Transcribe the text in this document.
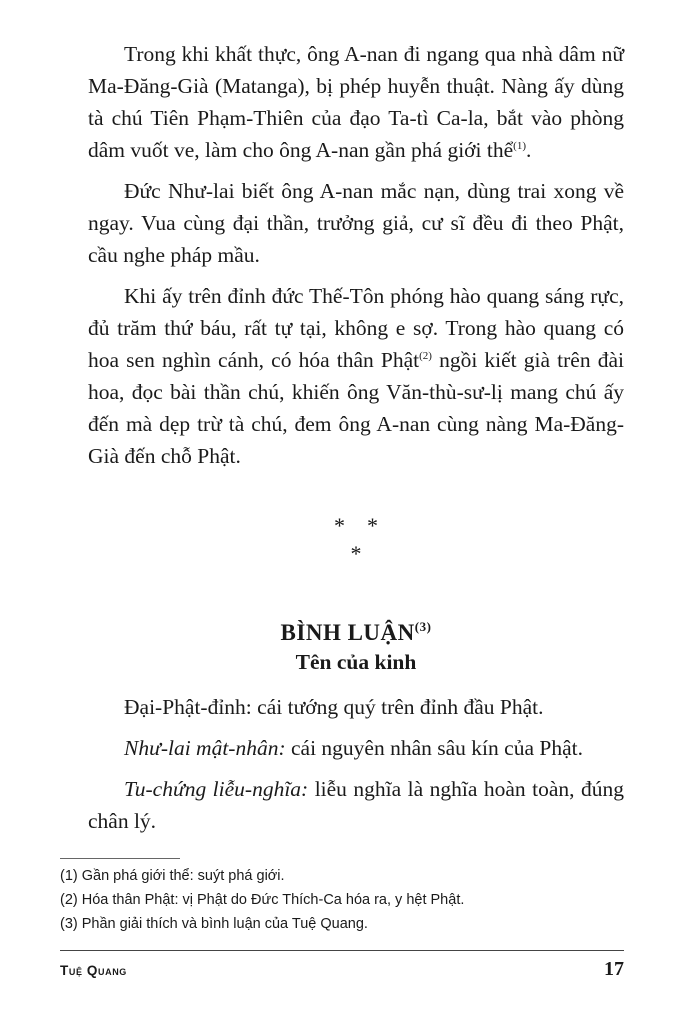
Trong khi khất thực, ông A-nan đi ngang qua nhà dâm nữ Ma-Đăng-Già (Matanga), bị phép huyễn thuật. Nàng ấy dùng tà chú Tiên Phạm-Thiên của đạo Ta-tì Ca-la, bắt vào phòng dâm vuốt ve, làm cho ông A-nan gần phá giới thể$^{(1)}$.

Đức Như-lai biết ông A-nan mắc nạn, dùng trai xong về ngay. Vua cùng đại thần, trưởng giả, cư sĩ đều đi theo Phật, cầu nghe pháp mầu.

Khi ấy trên đỉnh đức Thế-Tôn phóng hào quang sáng rực, đủ trăm thứ báu, rất tự tại, không e sợ. Trong hào quang có hoa sen nghìn cánh, có hóa thân Phật$^{(2)}$ ngồi kiết già trên đài hoa, đọc bài thần chú, khiến ông Văn-thù-sư-lị mang chú ấy đến mà dẹp trừ tà chú, đem ông A-nan cùng nàng Ma-Đăng-Già đến chỗ Phật.

**

*

BÌNH LUẬN$^{(3)}$
Tên của kinh

Đại-Phật-đỉnh: cái tướng quý trên đỉnh đầu Phật.

Như-lai mật-nhân: cái nguyên nhân sâu kín của Phật.

Tu-chứng liễu-nghĩa: liễu nghĩa là nghĩa hoàn toàn, đúng chân lý.

(1) Gần phá giới thể: suýt phá giới.
(2) Hóa thân Phật: vị Phật do Đức Thích-Ca hóa ra, y hệt Phật.
(3) Phần giải thích và bình luận của Tuệ Quang.
Tuệ Quang	17
